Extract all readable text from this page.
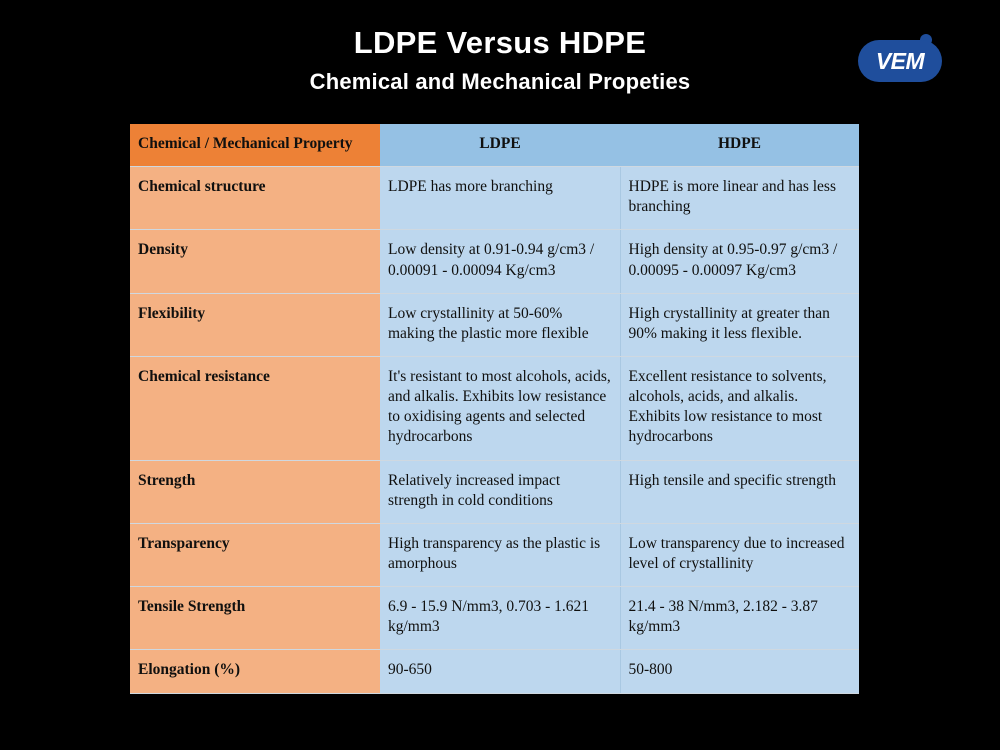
LDPE Versus HDPE
Chemical and Mechanical Propeties
VEM
Chemical / Mechanical Property	LDPE	HDPE
Chemical structure	LDPE has more branching	HDPE is more linear and has less branching
Density	Low density at 0.91-0.94 g/cm3 / 0.00091 - 0.00094 Kg/cm3	High density at 0.95-0.97 g/cm3 / 0.00095 - 0.00097 Kg/cm3
Flexibility	Low crystallinity at 50-60% making the plastic more flexible	High crystallinity at greater than 90% making it less flexible.
Chemical resistance	It's resistant to most alcohols, acids, and alkalis. Exhibits low resistance to oxidising agents and selected hydrocarbons	Excellent resistance to solvents, alcohols, acids, and alkalis. Exhibits low resistance to most hydrocarbons
Strength	Relatively increased impact strength in cold conditions	High tensile and specific strength
Transparency	High transparency as the plastic is amorphous	Low transparency due to increased level of crystallinity
Tensile Strength	6.9 - 15.9 N/mm3, 0.703 - 1.621 kg/mm3	21.4 - 38 N/mm3, 2.182 - 3.87 kg/mm3
Elongation (%)	90-650	50-800
